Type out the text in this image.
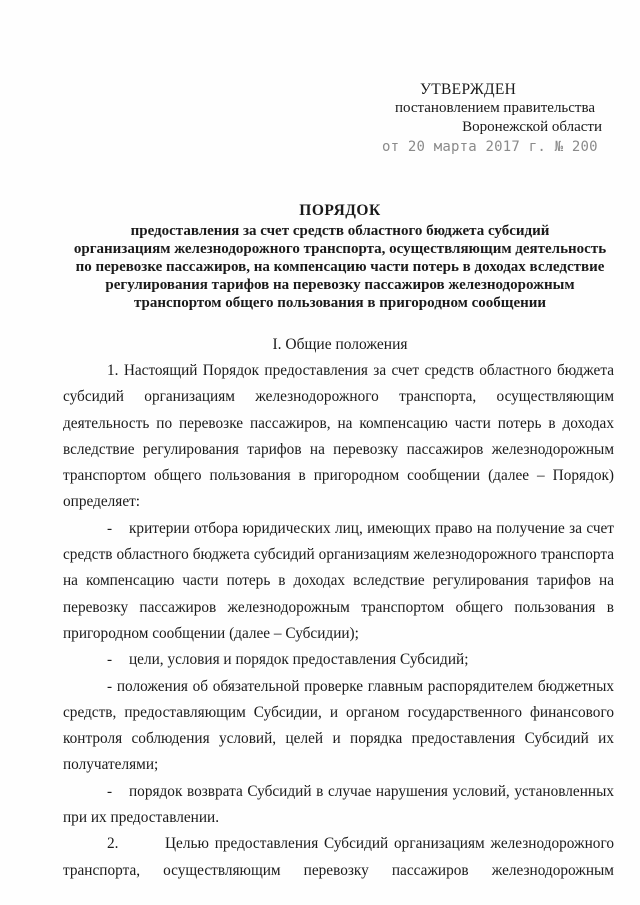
УТВЕРЖДЕН
постановлением правительства
Воронежской области
от 20 марта 2017 г. № 200
ПОРЯДОК
предоставления за счет средств областного бюджета субсидий
организациям железнодорожного транспорта, осуществляющим деятельность
по перевозке пассажиров, на компенсацию части потерь в доходах вследствие
регулирования тарифов на перевозку пассажиров железнодорожным
транспортом общего пользования в пригородном сообщении
I. Общие положения

1. Настоящий Порядок предоставления за счет средств областного бюджета субсидий организациям железнодорожного транспорта, осуществляющим деятельность по перевозке пассажиров, на компенсацию части потерь в доходах вследствие регулирования тарифов на перевозку пассажиров железнодорожным транспортом общего пользования в пригородном сообщении (далее – Порядок) определяет:

- критерии отбора юридических лиц, имеющих право на получение за счет средств областного бюджета субсидий организациям железнодорожного транспорта на компенсацию части потерь в доходах вследствие регулирования тарифов на перевозку пассажиров железнодорожным транспортом общего пользования в пригородном сообщении (далее – Субсидии);

- цели, условия и порядок предоставления Субсидий;

- положения об обязательной проверке главным распорядителем бюджетных средств, предоставляющим Субсидии, и органом государственного финансового контроля соблюдения условий, целей и порядка предоставления Субсидий их получателями;

- порядок возврата Субсидий в случае нарушения условий, установленных при их предоставлении.

2.	Целью предоставления Субсидий организациям железнодорожного транспорта, осуществляющим перевозку пассажиров железнодорожным
